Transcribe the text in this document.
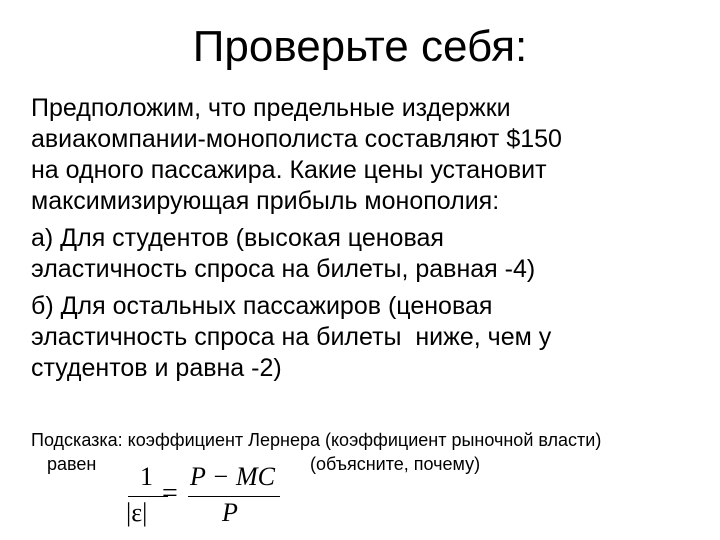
Проверьте себя:
Предположим, что предельные издержки
авиакомпании-монополиста составляют $150
на одного пассажира. Какие цены установит
максимизирующая прибыль монополия:
а) Для студентов (высокая ценовая
эластичность спроса на билеты, равная -4)
б) Для остальных пассажиров (ценовая
эластичность спроса на билеты  ниже, чем у
студентов и равна -2)
Подсказка: коэффициент Лернера (коэффициент рыночной власти)
равен	(объясните, почему)
1
|ε|
=
P − MC
P
